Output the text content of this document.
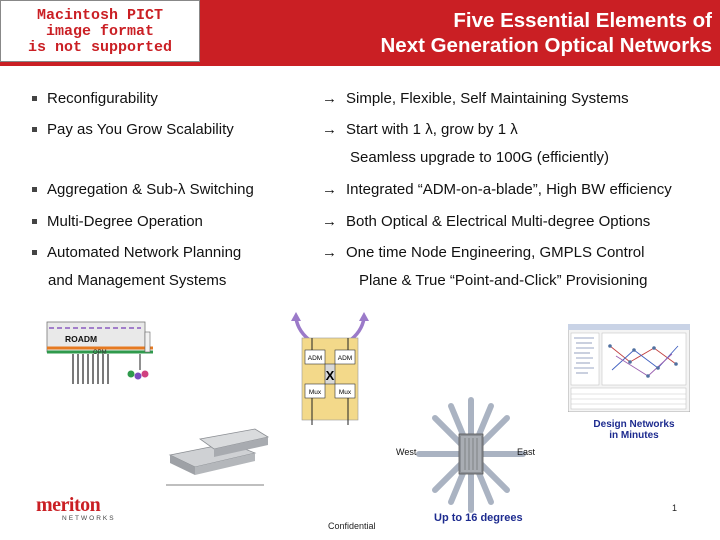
Macintosh PICT
image format
is not supported
Five Essential Elements of
Next Generation Optical Networks
Reconfigurability	→ Simple, Flexible, Self Maintaining Systems
Pay as You Grow Scalability	→ Start with 1 λ, grow by 1 λ
Seamless upgrade to 100G (efficiently)
Aggregation & Sub-λ Switching	→ Integrated “ADM-on-a-blade”, High BW efficiency
Multi-Degree Operation	→ Both Optical & Electrical Multi-degree Options
Automated Network Planning	→ One time Node Engineering, GMPLS Control
and Management Systems	Plane & True “Point-and-Click” Provisioning
ROADM
OPM
meriton
NETWORKS
ADM ADM
X
Mux	Mux
West	East
Up to 16 degrees
Design Networks
in Minutes
Confidential
1
